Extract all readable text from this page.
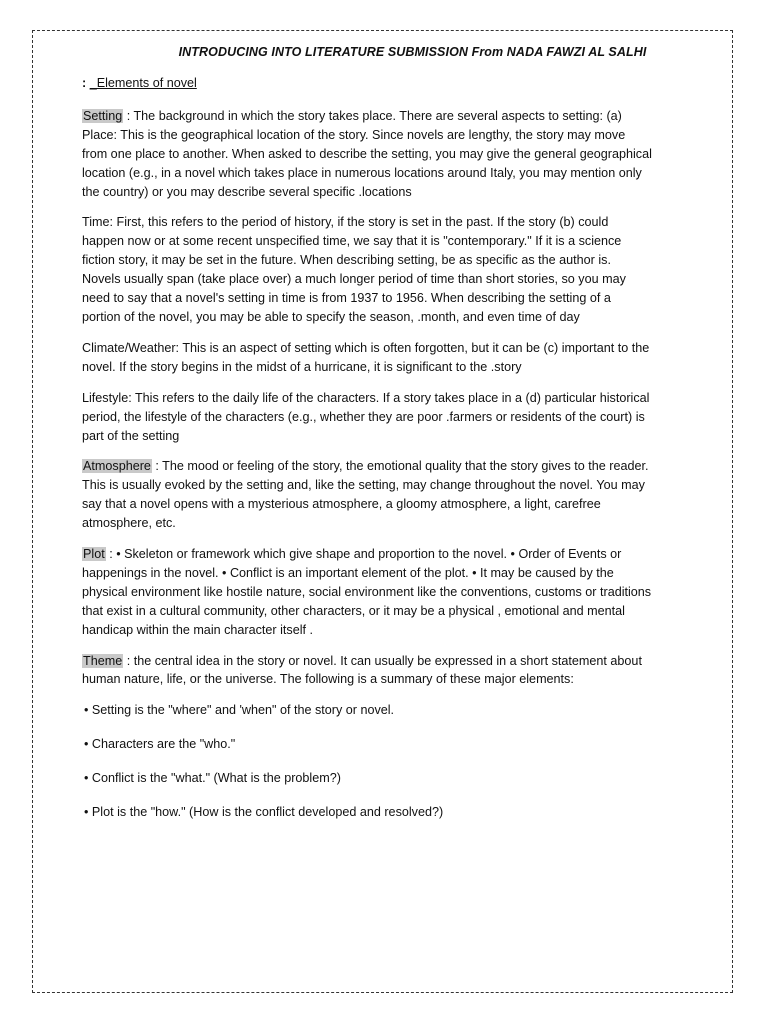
INTRODUCING INTO LITERATURE SUBMISSION From NADA FAWZI AL SALHI
: _Elements of novel

Setting : The background in which the story takes place. There are several aspects to setting: (a) Place: This is the geographical location of the story. Since novels are lengthy, the story may move from one place to another. When asked to describe the setting, you may give the general geographical location (e.g., in a novel which takes place in numerous locations around Italy, you may mention only the country) or you may describe several specific .locations

Time: First, this refers to the period of history, if the story is set in the past. If the story (b) could happen now or at some recent unspecified time, we say that it is "contemporary." If it is a science fiction story, it may be set in the future. When describing setting, be as specific as the author is. Novels usually span (take place over) a much longer period of time than short stories, so you may need to say that a novel's setting in time is from 1937 to 1956. When describing the setting of a portion of the novel, you may be able to specify the season, .month, and even time of day

Climate/Weather: This is an aspect of setting which is often forgotten, but it can be (c) important to the novel. If the story begins in the midst of a hurricane, it is significant to the .story

Lifestyle: This refers to the daily life of the characters. If a story takes place in a (d) particular historical period, the lifestyle of the characters (e.g., whether they are poor .farmers or residents of the court) is part of the setting

Atmosphere : The mood or feeling of the story, the emotional quality that the story gives to the reader. This is usually evoked by the setting and, like the setting, may change throughout the novel. You may say that a novel opens with a mysterious atmosphere, a gloomy atmosphere, a light, carefree atmosphere, etc.

Plot : • Skeleton or framework which give shape and proportion to the novel. • Order of Events or happenings in the novel. • Conflict is an important element of the plot. • It may be caused by the physical environment like hostile nature, social environment like the conventions, customs or traditions that exist in a cultural community, other characters, or it may be a physical , emotional and mental handicap within the main character itself .

Theme : the central idea in the story or novel. It can usually be expressed in a short statement about human nature, life, or the universe. The following is a summary of these major elements:

• Setting is the "where" and 'when" of the story or novel.
• Characters are the "who."
• Conflict is the "what." (What is the problem?)
• Plot is the "how." (How is the conflict developed and resolved?)
